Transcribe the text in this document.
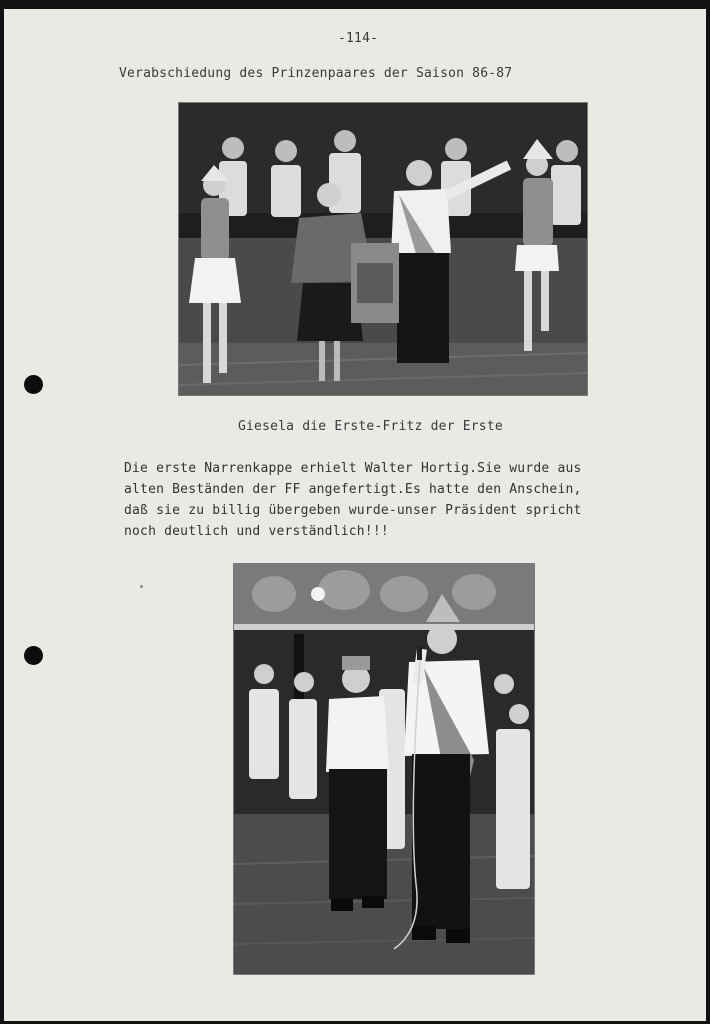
-114-
Verabschiedung des Prinzenpaares der Saison 86-87
Giesela die Erste-Fritz der Erste
Die erste Narrenkappe erhielt Walter Hortig.Sie wurde aus
alten Beständen der FF angefertigt.Es hatte den Anschein,
daß sie zu billig übergeben wurde-unser Präsident spricht
noch deutlich und verständlich!!!
